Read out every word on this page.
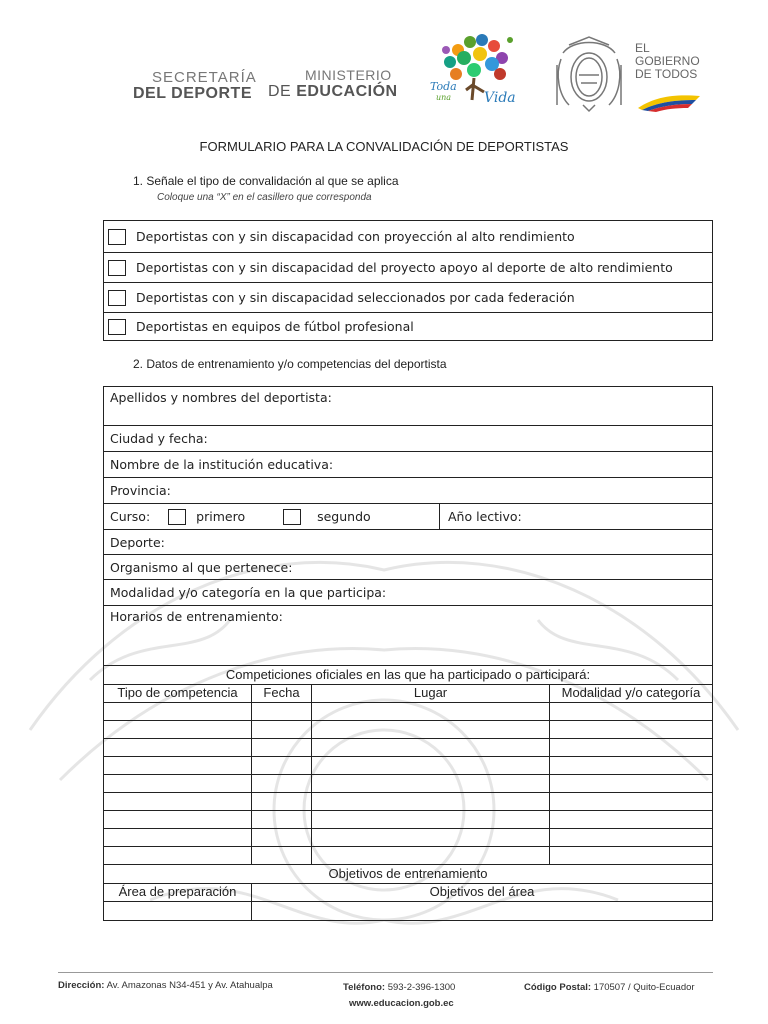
SECRETARÍA
DEL DEPORTE
MINISTERIO
DE EDUCACIÓN	Toda
una Vida
EL
GOBIERNO
DE TODOS
FORMULARIO PARA LA CONVALIDACIÓN DE DEPORTISTAS
1. Señale el tipo de convalidación al que se aplica
Coloque una “X” en el casillero que corresponda
Deportistas con y sin discapacidad con proyección al alto rendimiento
Deportistas con y sin discapacidad del proyecto apoyo al deporte de alto rendimiento
Deportistas con y sin discapacidad seleccionados por cada federación
Deportistas en equipos de fútbol profesional
2. Datos de entrenamiento y/o competencias del deportista
Apellidos y nombres del deportista:
Ciudad y fecha:
Nombre de la institución educativa:
Provincia:
Curso:	primero	segundo	Año lectivo:
Deporte:
Organismo al que pertenece:
Modalidad y/o categoría en la que participa:
Horarios de entrenamiento:
Competiciones oficiales en las que ha participado o participará:
Tipo de competencia	Fecha	Lugar	Modalidad y/o categoría
Objetivos de entrenamiento
Área de preparación	Objetivos del área
Dirección: Av. Amazonas N34-451 y Av. Atahualpa	Teléfono: 593-2-396-1300
www.educacion.gob.ec
Código Postal: 170507 / Quito-Ecuador
